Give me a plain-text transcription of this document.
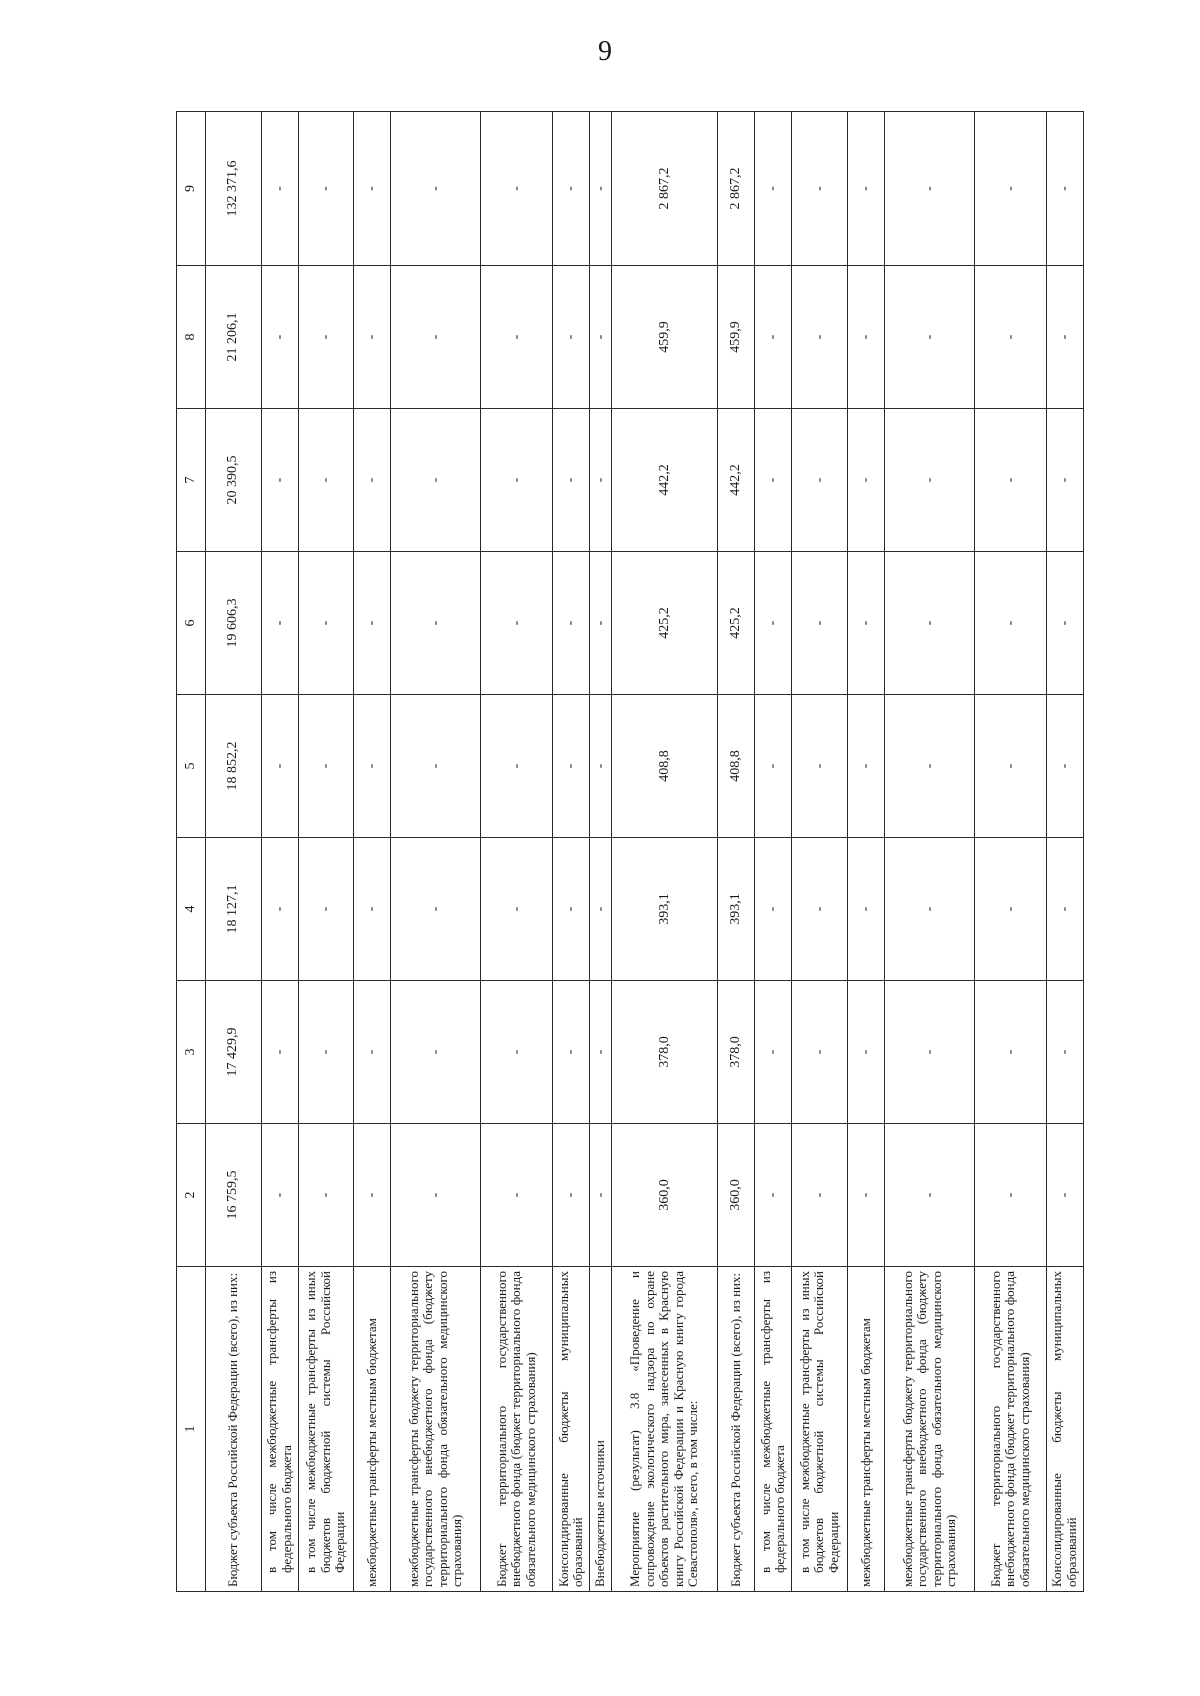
9
1	2	3	4	5	6	7	8	9
Бюджет субъекта Российской Федерации (всего), из них:	16 759,5	17 429,9	18 127,1	18 852,2	19 606,3	20 390,5	21 206,1	132 371,6
в том числе межбюджетные трансферты из федерального бюджета	-	-	-	-	-	-	-	-
в том числе межбюджетные трансферты из иных бюджетов бюджетной системы Российской Федерации	-	-	-	-	-	-	-	-
межбюджетные трансферты местным бюджетам	-	-	-	-	-	-	-	-
межбюджетные трансферты бюджету территориального государственного внебюджетного фонда (бюджету территориального фонда обязательного медицинского страхования)	-	-	-	-	-	-	-	-
Бюджет территориального государственного внебюджетного фонда (бюджет территориального фонда обязательного медицинского страхования)	-	-	-	-	-	-	-	-
Консолидированные бюджеты муниципальных образований	-	-	-	-	-	-	-	-
Внебюджетные источники	-	-	-	-	-	-	-	-
Мероприятие (результат) 3.8 «Проведение и сопровождение экологического надзора по охране объектов растительного мира, занесенных в Красную книгу Российской Федерации и Красную книгу города Севастополя», всего, в том числе:	360,0	378,0	393,1	408,8	425,2	442,2	459,9	2 867,2
Бюджет субъекта Российской Федерации (всего), из них:	360,0	378,0	393,1	408,8	425,2	442,2	459,9	2 867,2
в том числе межбюджетные трансферты из федерального бюджета	-	-	-	-	-	-	-	-
в том числе межбюджетные трансферты из иных бюджетов бюджетной системы Российской Федерации	-	-	-	-	-	-	-	-
межбюджетные трансферты местным бюджетам	-	-	-	-	-	-	-	-
межбюджетные трансферты бюджету территориального государственного внебюджетного фонда (бюджету территориального фонда обязательного медицинского страхования)	-	-	-	-	-	-	-	-
Бюджет территориального государственного внебюджетного фонда (бюджет территориального фонда обязательного медицинского страхования)	-	-	-	-	-	-	-	-
Консолидированные бюджеты муниципальных образований	-	-	-	-	-	-	-	-
